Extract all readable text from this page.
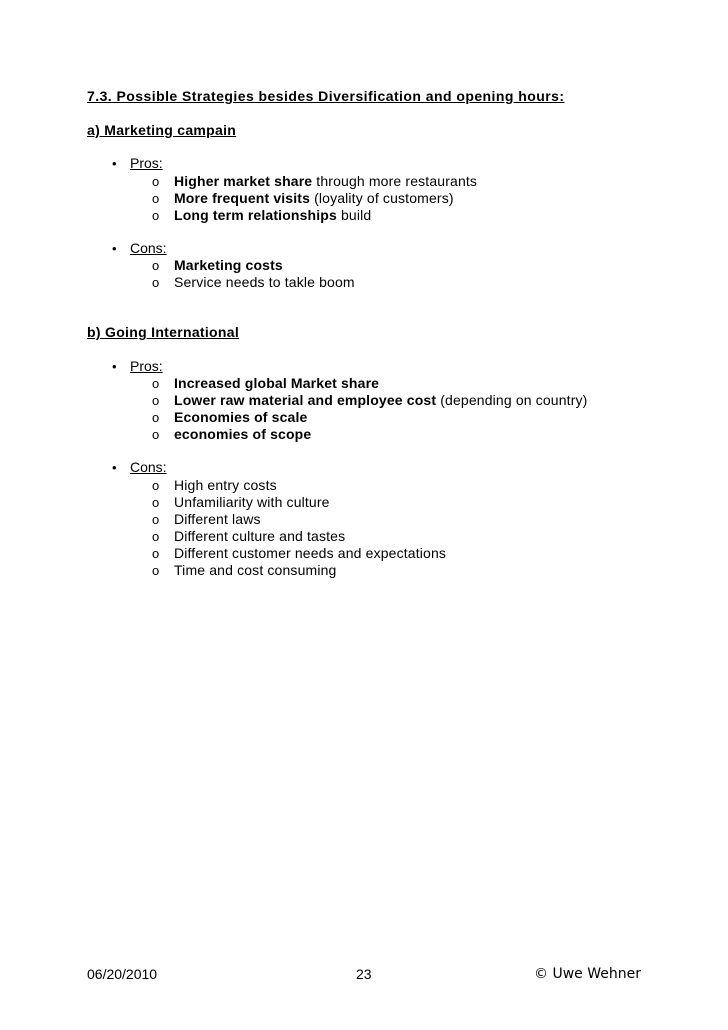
7.3. Possible Strategies besides Diversification and opening hours:
a) Marketing campain
• Pros:
o	Higher market share through more restaurants
o	More frequent visits (loyality of customers)
o	Long term relationships build
• Cons:
o	Marketing costs
o	Service needs to takle boom
b) Going International
• Pros:
o	Increased global Market share
o	Lower raw material and employee cost (depending on country)
o	Economies of scale
o	economies of scope
• Cons:
o	High entry costs
o	Unfamiliarity with culture
o	Different laws
o	Different culture and tastes
o	Different customer needs and expectations
o	Time and cost consuming
06/20/2010	23	© Uwe Wehner
